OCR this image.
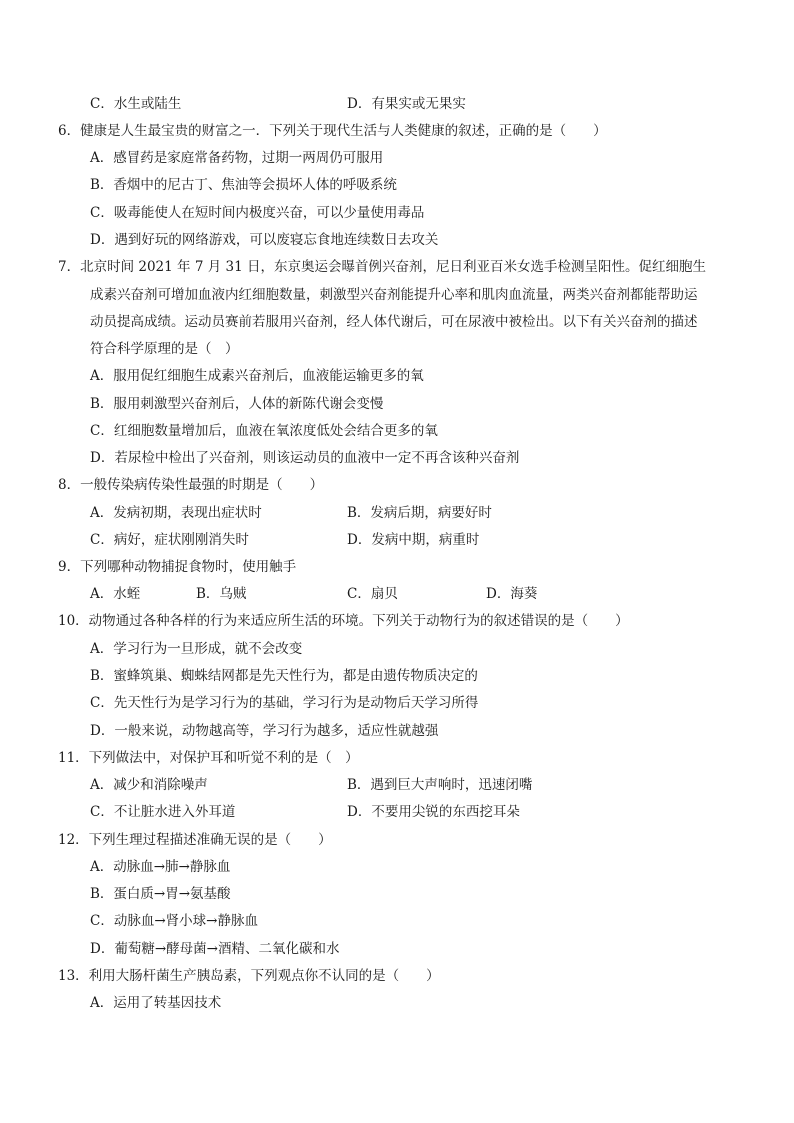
C．水生或陆生	D．有果实或无果实
6．健康是人生最宝贵的财富之一．下列关于现代生活与人类健康的叙述，正确的是（　　）
A．感冒药是家庭常备药物，过期一两周仍可服用
B．香烟中的尼古丁、焦油等会损坏人体的呼吸系统
C．吸毒能使人在短时间内极度兴奋，可以少量使用毒品
D．遇到好玩的网络游戏，可以废寝忘食地连续数日去攻关
7．北京时间 2021 年 7 月 31 日，东京奥运会曝首例兴奋剂，尼日利亚百米女选手检测呈阳性。促红细胞生
成素兴奋剂可增加血液内红细胞数量，刺激型兴奋剂能提升心率和肌肉血流量，两类兴奋剂都能帮助运
动员提高成绩。运动员赛前若服用兴奋剂，经人体代谢后，可在尿液中被检出。以下有关兴奋剂的描述
符合科学原理的是（　）
A．服用促红细胞生成素兴奋剂后，血液能运输更多的氧
B．服用刺激型兴奋剂后，人体的新陈代谢会变慢
C．红细胞数量增加后，血液在氧浓度低处会结合更多的氧
D．若尿检中检出了兴奋剂，则该运动员的血液中一定不再含该种兴奋剂
8．一般传染病传染性最强的时期是（　　）
A．发病初期，表现出症状时	B．发病后期，病要好时
C．病好，症状刚刚消失时	D．发病中期，病重时
9．下列哪种动物捕捉食物时，使用触手
A．水蛭	B．乌贼	C．扇贝	D．海葵
10．动物通过各种各样的行为来适应所生活的环境。下列关于动物行为的叙述错误的是（　　）
A．学习行为一旦形成，就不会改变
B．蜜蜂筑巢、蜘蛛结网都是先天性行为，都是由遗传物质决定的
C．先天性行为是学习行为的基础，学习行为是动物后天学习所得
D．一般来说，动物越高等，学习行为越多，适应性就越强
11．下列做法中，对保护耳和听觉不利的是（　）
A．减少和消除噪声	B．遇到巨大声响时，迅速闭嘴
C．不让脏水进入外耳道	D．不要用尖锐的东西挖耳朵
12．下列生理过程描述准确无误的是（　　）
A．动脉血→肺→静脉血
B．蛋白质→胃→氨基酸
C．动脉血→肾小球→静脉血
D．葡萄糖→酵母菌→酒精、二氧化碳和水
13．利用大肠杆菌生产胰岛素，下列观点你不认同的是（　　）
A．运用了转基因技术
